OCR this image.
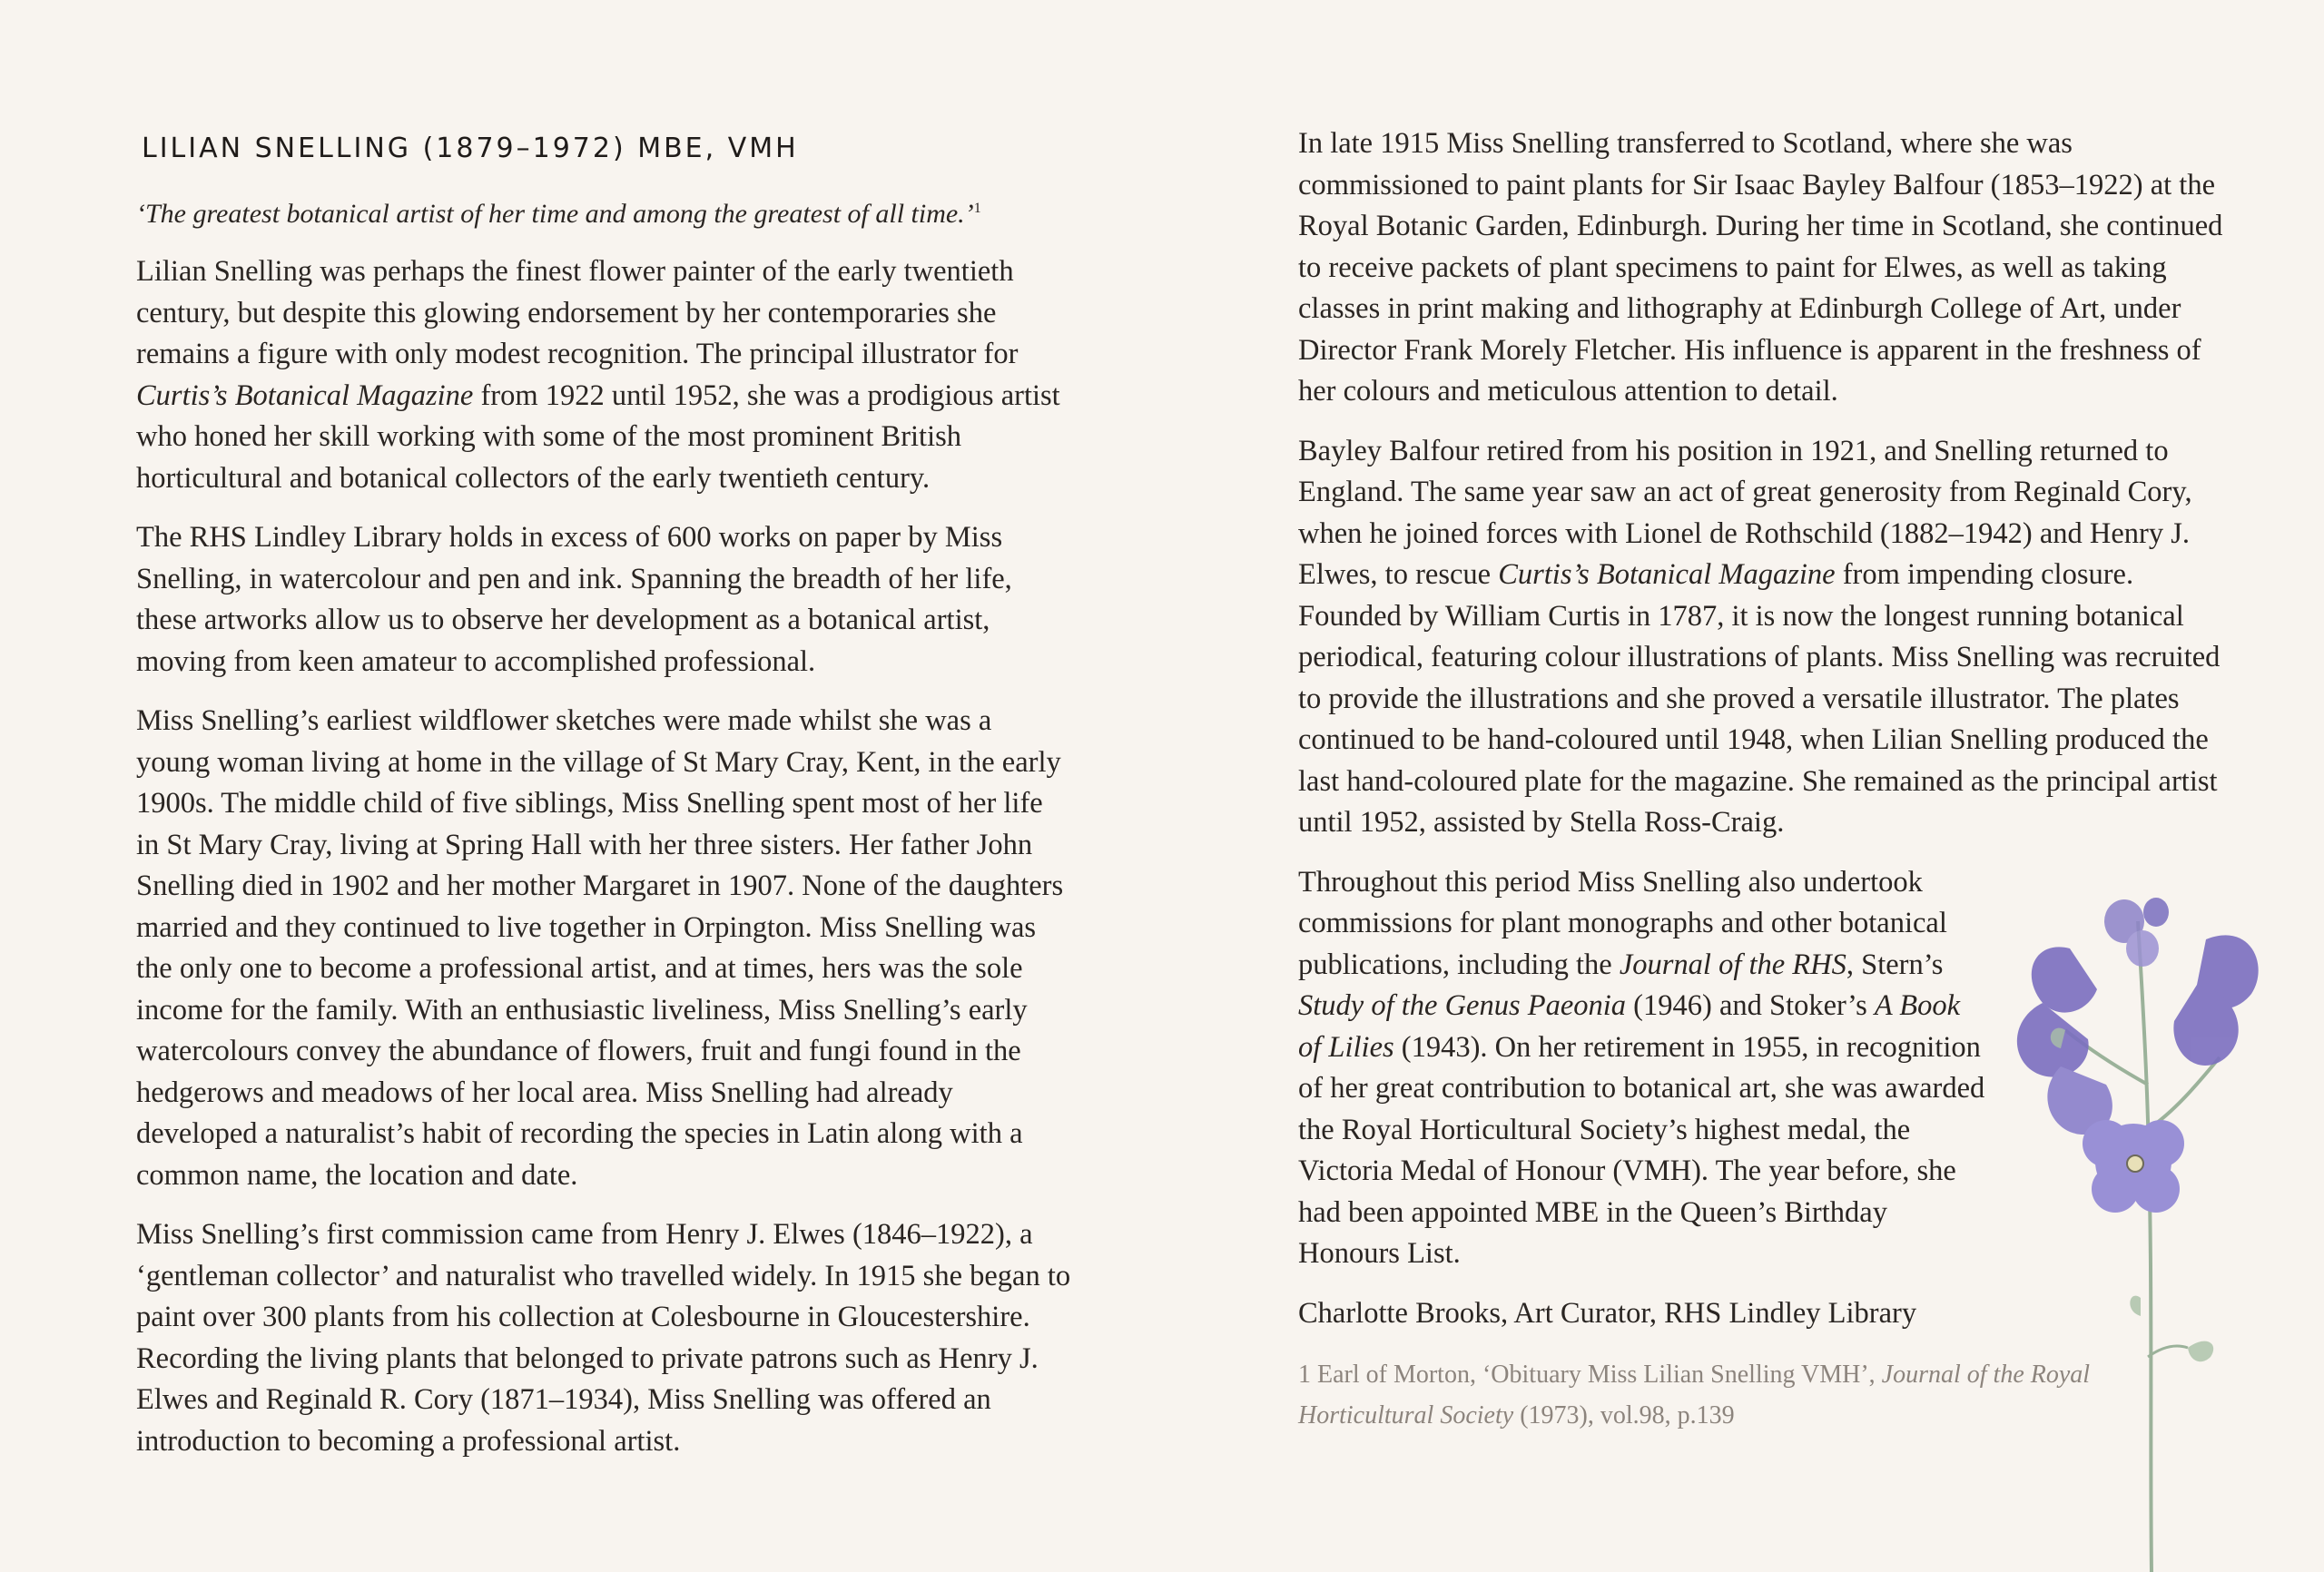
LILIAN SNELLING (1879–1972) MBE, VMH

‘The greatest botanical artist of her time and among the greatest of all time.’$^1$

Lilian Snelling was perhaps the finest flower painter of the early twentieth century, but despite this glowing endorsement by her contemporaries she remains a figure with only modest recognition. The principal illustrator for Curtis’s Botanical Magazine from 1922 until 1952, she was a prodigious artist who honed her skill working with some of the most prominent British horticultural and botanical collectors of the early twentieth century.

The RHS Lindley Library holds in excess of 600 works on paper by Miss Snelling, in watercolour and pen and ink. Spanning the breadth of her life, these artworks allow us to observe her development as a botanical artist, moving from keen amateur to accomplished professional.

Miss Snelling’s earliest wildflower sketches were made whilst she was a young woman living at home in the village of St Mary Cray, Kent, in the early 1900s. The middle child of five siblings, Miss Snelling spent most of her life in St Mary Cray, living at Spring Hall with her three sisters. Her father John Snelling died in 1902 and her mother Margaret in 1907. None of the daughters married and they continued to live together in Orpington. Miss Snelling was the only one to become a professional artist, and at times, hers was the sole income for the family. With an enthusiastic liveliness, Miss Snelling’s early watercolours convey the abundance of flowers, fruit and fungi found in the hedgerows and meadows of her local area. Miss Snelling had already developed a naturalist’s habit of recording the species in Latin along with a common name, the location and date.

Miss Snelling’s first commission came from Henry J. Elwes (1846–1922), a ‘gentleman collector’ and naturalist who travelled widely. In 1915 she began to paint over 300 plants from his collection at Colesbourne in Gloucestershire. Recording the living plants that belonged to private patrons such as Henry J. Elwes and Reginald R. Cory (1871–1934), Miss Snelling was offered an introduction to becoming a professional artist.

In late 1915 Miss Snelling transferred to Scotland, where she was commissioned to paint plants for Sir Isaac Bayley Balfour (1853–1922) at the Royal Botanic Garden, Edinburgh. During her time in Scotland, she continued to receive packets of plant specimens to paint for Elwes, as well as taking classes in print making and lithography at Edinburgh College of Art, under Director Frank Morely Fletcher. His influence is apparent in the freshness of her colours and meticulous attention to detail.

Bayley Balfour retired from his position in 1921, and Snelling returned to England. The same year saw an act of great generosity from Reginald Cory, when he joined forces with Lionel de Rothschild (1882–1942) and Henry J. Elwes, to rescue Curtis’s Botanical Magazine from impending closure. Founded by William Curtis in 1787, it is now the longest running botanical periodical, featuring colour illustrations of plants. Miss Snelling was recruited to provide the illustrations and she proved a versatile illustrator. The plates continued to be hand-coloured until 1948, when Lilian Snelling produced the last hand-coloured plate for the magazine. She remained as the principal artist until 1952, assisted by Stella Ross-Craig.

Throughout this period Miss Snelling also undertook commissions for plant monographs and other botanical publications, including the Journal of the RHS, Stern’s Study of the Genus Paeonia (1946) and Stoker’s A Book of Lilies (1943). On her retirement in 1955, in recognition of her great contribution to botanical art, she was awarded the Royal Horticultural Society’s highest medal, the Victoria Medal of Honour (VMH). The year before, she had been appointed MBE in the Queen’s Birthday Honours List.

Charlotte Brooks, Art Curator, RHS Lindley Library

1 Earl of Morton, ‘Obituary Miss Lilian Snelling VMH’, Journal of the Royal Horticultural Society (1973), vol.98, p.139
